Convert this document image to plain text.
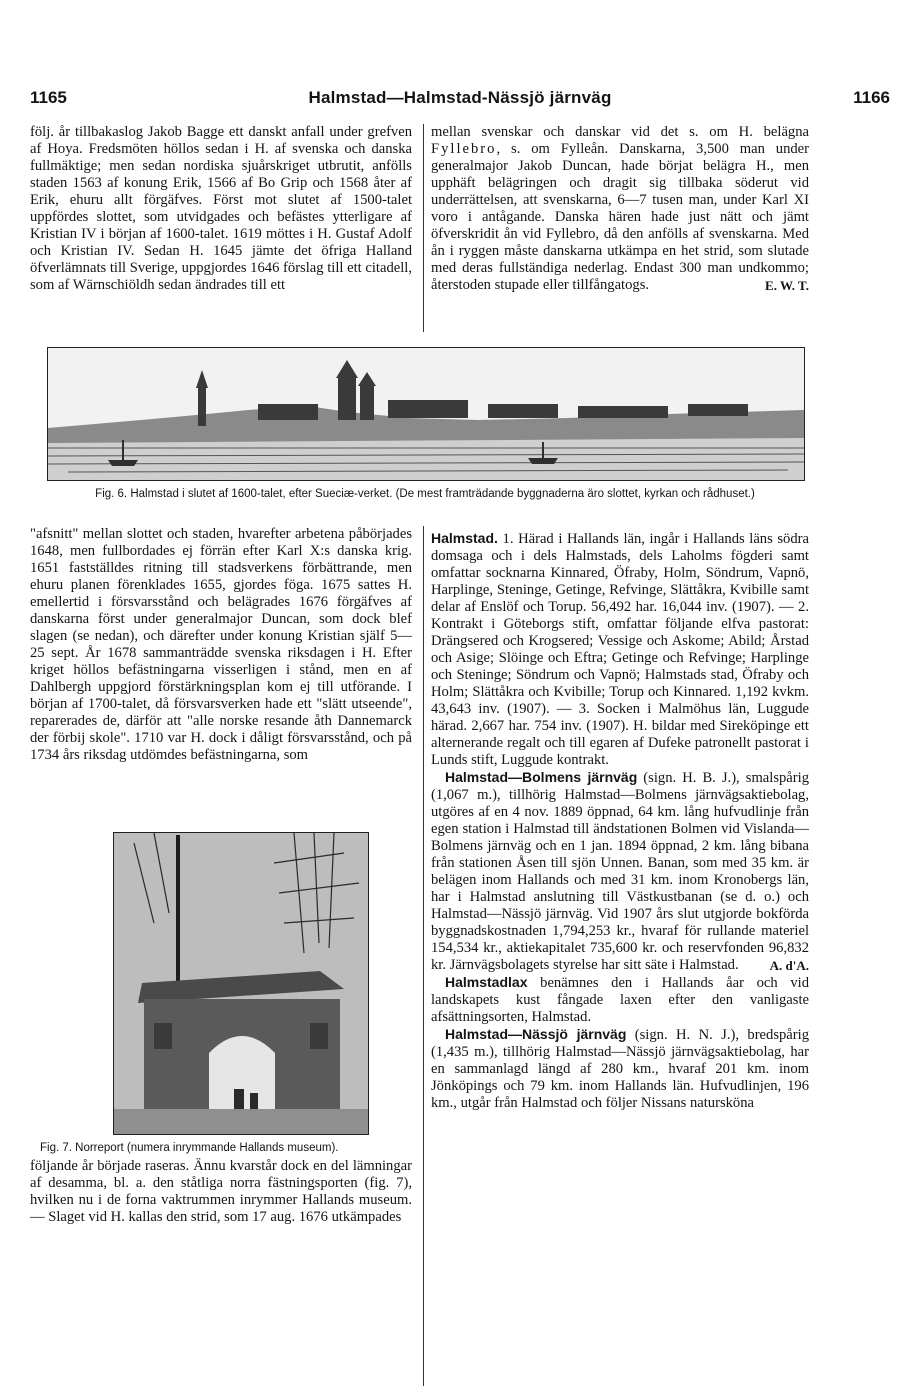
1165	Halmstad—Halmstad-Nässjö järnväg	1166

följ. år tillbakaslog Jakob Bagge ett danskt anfall under grefven af Hoya. Fredsmöten höllos sedan i H. af svenska och danska fullmäktige; men sedan nordiska sjuårskriget utbrutit, anfölls staden 1563 af konung Erik, 1566 af Bo Grip och 1568 åter af Erik, ehuru allt förgäfves. Först mot slutet af 1500-talet uppfördes slottet, som utvidgades och befästes ytterligare af Kristian IV i början af 1600-talet. 1619 möttes i H. Gustaf Adolf och Kristian IV. Sedan H. 1645 jämte det öfriga Halland öfverlämnats till Sverige, uppgjordes 1646 förslag till ett citadell, som af Wärnschiöldh sedan ändrades till ett

mellan svenskar och danskar vid det s. om H. belägna Fyllebro, s. om Fylleån. Danskarna, 3,500 man under generalmajor Jakob Duncan, hade börjat belägra H., men upphäft belägringen och dragit sig tillbaka söderut vid underrättelsen, att svenskarna, 6—7 tusen man, under Karl XI voro i antågande. Danska hären hade just nätt och jämt öfverskridit ån vid Fyllebro, då den anfölls af svenskarna. Med ån i ryggen måste danskarna utkämpa en het strid, som slutade med deras fullständiga nederlag. Endast 300 man undkommo; återstoden stupade eller tillfångatogs.	E. W. T.

Fig. 6. Halmstad i slutet af 1600-talet, efter Sueciæ-verket. (De mest framträdande byggnaderna äro slottet, kyrkan och rådhuset.)

"afsnitt" mellan slottet och staden, hvarefter arbetena påbörjades 1648, men fullbordades ej förrän efter Karl X:s danska krig. 1651 fastställdes ritning till stadsverkens förbättrande, men ehuru planen förenklades 1655, gjordes föga. 1675 sattes H. emellertid i försvarsstånd och belägrades 1676 förgäfves af danskarna först under generalmajor Duncan, som dock blef slagen (se nedan), och därefter under konung Kristian själf 5—25 sept. År 1678 sammanträdde svenska riksdagen i H. Efter kriget höllos befästningarna visserligen i stånd, men en af Dahlbergh uppgjord förstärkningsplan kom ej till utförande. I början af 1700-talet, då försvarsverken hade ett "slätt utseende", reparerades de, därför att "alle norske resande åth Dannemarck der förbij skole". 1710 var H. dock i dåligt försvarsstånd, och på 1734 års riksdag utdömdes befästningarna, som

Fig. 7. Norreport (numera inrymmande Hallands museum).

följande år började raseras. Ännu kvarstår dock en del lämningar af desamma, bl. a. den ståtliga norra fästningsporten (fig. 7), hvilken nu i de forna vaktrummen inrymmer Hallands museum. — Slaget vid H. kallas den strid, som 17 aug. 1676 utkämpades

Halmstad. 1. Härad i Hallands län, ingår i Hallands läns södra domsaga och i dels Halmstads, dels Laholms fögderi samt omfattar socknarna Kinnared, Öfraby, Holm, Söndrum, Vapnö, Harplinge, Steninge, Getinge, Refvinge, Slättåkra, Kvibille samt delar af Enslöf och Torup. 56,492 har. 16,044 inv. (1907). — 2. Kontrakt i Göteborgs stift, omfattar följande elfva pastorat: Drängsered och Krogsered; Vessige och Askome; Abild; Årstad och Asige; Slöinge och Eftra; Getinge och Refvinge; Harplinge och Steninge; Söndrum och Vapnö; Halmstads stad, Öfraby och Holm; Slättåkra och Kvibille; Torup och Kinnared. 1,192 kvkm. 43,643 inv. (1907). — 3. Socken i Malmöhus län, Luggude härad. 2,667 har. 754 inv. (1907). H. bildar med Sireköpinge ett alternerande regalt och till egaren af Dufeke patronellt pastorat i Lunds stift, Luggude kontrakt.

Halmstad—Bolmens järnväg (sign. H. B. J.), smalspårig (1,067 m.), tillhörig Halmstad—Bolmens järnvägsaktiebolag, utgöres af en 4 nov. 1889 öppnad, 64 km. lång hufvudlinje från egen station i Halmstad till ändstationen Bolmen vid Vislanda—Bolmens järnväg och en 1 jan. 1894 öppnad, 2 km. lång bibana från stationen Åsen till sjön Unnen. Banan, som med 35 km. är belägen inom Hallands och med 31 km. inom Kronobergs län, har i Halmstad anslutning till Västkustbanan (se d. o.) och Halmstad—Nässjö järnväg. Vid 1907 års slut utgjorde bokförda byggnadskostnaden 1,794,253 kr., hvaraf för rullande materiel 154,534 kr., aktiekapitalet 735,600 kr. och reservfonden 96,832 kr. Järnvägsbolagets styrelse har sitt säte i Halmstad.	A. d'A.

Halmstadlax benämnes den i Hallands åar och vid landskapets kust fångade laxen efter den vanligaste afsättningsorten, Halmstad.

Halmstad—Nässjö järnväg (sign. H. N. J.), bredspårig (1,435 m.), tillhörig Halmstad—Nässjö järnvägsaktiebolag, har en sammanlagd längd af 280 km., hvaraf 201 km. inom Jönköpings och 79 km. inom Hallands län. Hufvudlinjen, 196 km., utgår från Halmstad och följer Nissans natursköna
